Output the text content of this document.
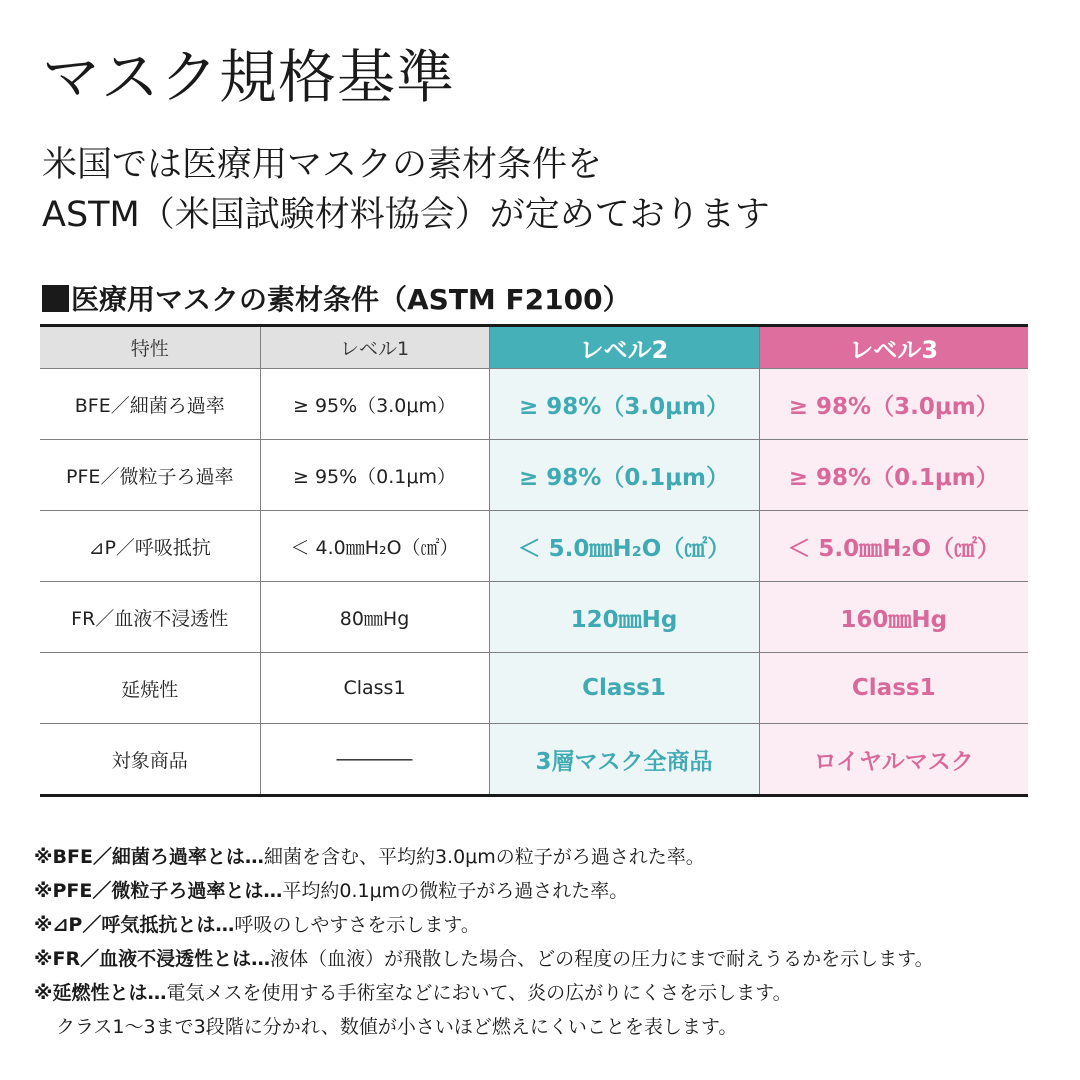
マスク規格基準

米国では医療用マスクの素材条件を
ASTM（米国試験材料協会）が定めております

医療用マスクの素材条件（ASTM F2100）
特性	レベル1	レベル2	レベル3
BFE／細菌ろ過率	≥ 95%（3.0μm）	≥ 98%（3.0μm）	≥ 98%（3.0μm）
PFE／微粒子ろ過率	≥ 95%（0.1μm）	≥ 98%（0.1μm）	≥ 98%（0.1μm）
⊿P／呼吸抵抗	＜ 4.0㎜H₂O（㎠）	＜ 5.0㎜H₂O（㎠）	＜ 5.0㎜H₂O（㎠）
FR／血液不浸透性	80㎜Hg	120㎜Hg	160㎜Hg
延焼性	Class1	Class1	Class1
対象商品	――――	3層マスク全商品	ロイヤルマスク
※BFE／細菌ろ過率とは…細菌を含む、平均約3.0μmの粒子がろ過された率。
※PFE／微粒子ろ過率とは…平均約0.1μmの微粒子がろ過された率。
※⊿P／呼気抵抗とは…呼吸のしやすさを示します。
※FR／血液不浸透性とは…液体（血液）が飛散した場合、どの程度の圧力にまで耐えうるかを示します。
※延燃性とは…電気メスを使用する手術室などにおいて、炎の広がりにくさを示します。
クラス1～3まで3段階に分かれ、数値が小さいほど燃えにくいことを表します。
